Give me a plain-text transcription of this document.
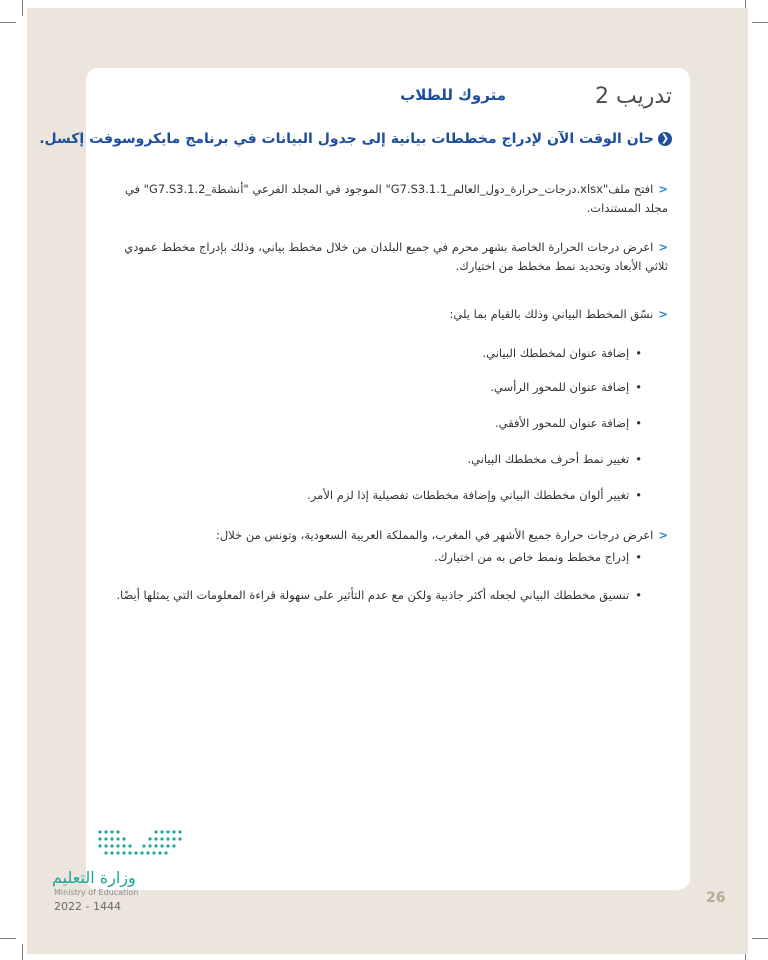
تدريب 2
متروك للطلاب
❮حان الوقت الآن لإدراج مخططات بيانية إلى جدول البيانات في برنامج مايكروسوفت إكسل.
<افتح ملف"xlsx.درجات_حرارة_دول_العالم_G7.S3.1.1" الموجود في المجلد الفرعي "أنشطة_G7.S3.1.2" في مجلد المستندات.
<اعرض درجات الحرارة الخاصة بشهر محرم في جميع البلدان من خلال مخطط بياني، وذلك بإدراج مخطط عمودي ثلاثي الأبعاد وتحديد نمط مخطط من اختيارك.
<نسّق المخطط البياني وذلك بالقيام بما يلي:
• إضافة عنوان لمخططك البياني.
• إضافة عنوان للمحور الرأسي.
• إضافة عنوان للمحور الأفقي.
• تغيير نمط أحرف مخططك البياني.
• تغيير ألوان مخططك البياني وإضافة مخططات تفصيلية إذا لزم الأمر.
<اعرض درجات حرارة جميع الأشهر في المغرب، والمملكة العربية السعودية، وتونس من خلال:
• إدراج مخطط ونمط خاص به من اختيارك.
• تنسيق مخططك البياني لجعله أكثر جاذبية ولكن مع عدم التأثير على سهولة قراءة المعلومات التي يمثلها أيضًا.
وزارة التعليم
Ministry of Education
2022 - 1444
26
